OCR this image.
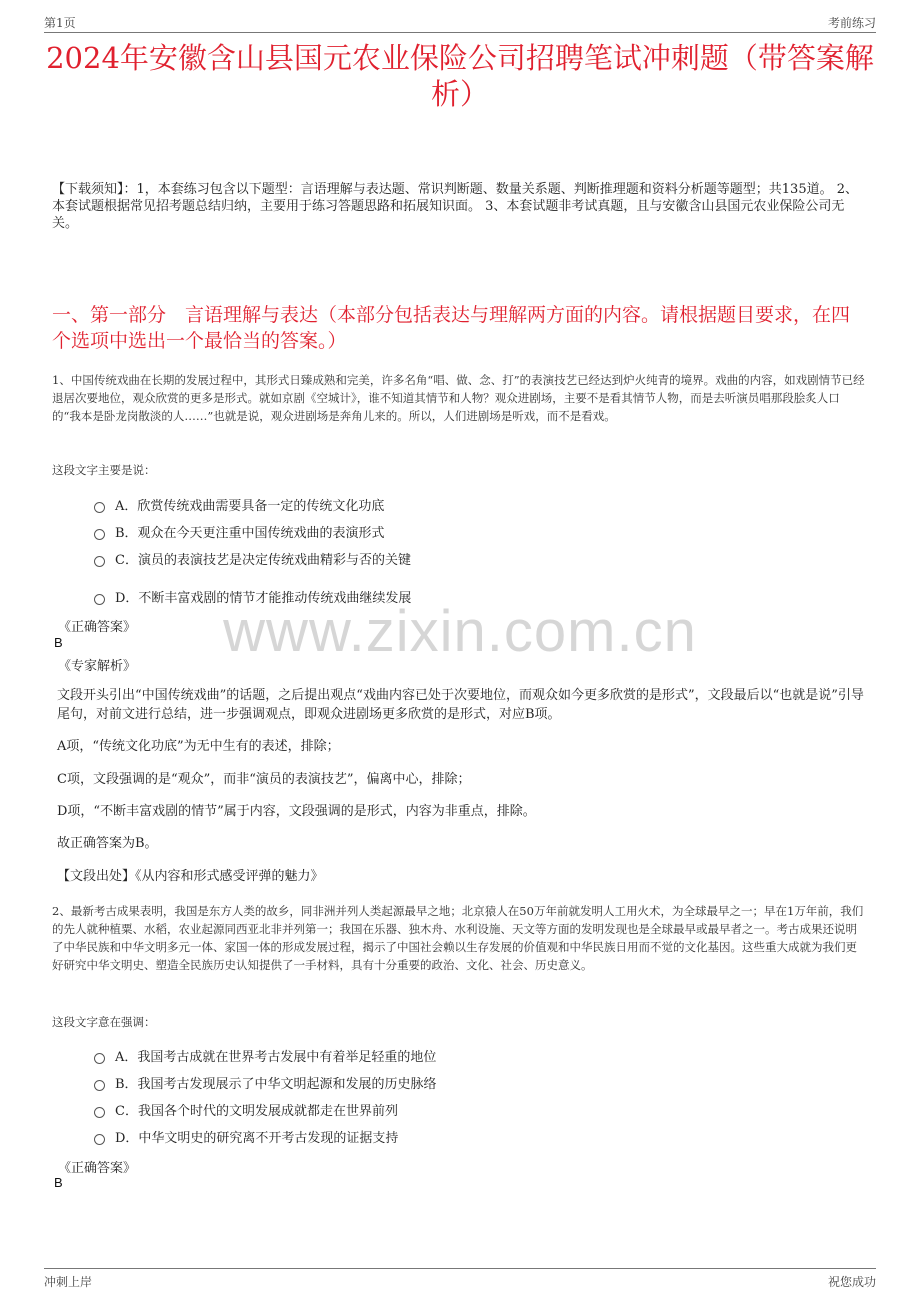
第1页	考前练习
2024年安徽含山县国元农业保险公司招聘笔试冲刺题（带答案解析）
【下载须知】：1，本套练习包含以下题型：言语理解与表达题、常识判断题、数量关系题、判断推理题和资料分析题等题型；共135道。 2、本套试题根据常见招考题总结归纳，主要用于练习答题思路和拓展知识面。 3、本套试题非考试真题，且与安徽含山县国元农业保险公司无关。
一、第一部分　言语理解与表达（本部分包括表达与理解两方面的内容。请根据题目要求，在四个选项中选出一个最恰当的答案。）
1、中国传统戏曲在长期的发展过程中，其形式日臻成熟和完美，许多名角“唱、做、念、打”的表演技艺已经达到炉火纯青的境界。戏曲的内容，如戏剧情节已经退居次要地位，观众欣赏的更多是形式。就如京剧《空城计》，谁不知道其情节和人物？观众进剧场，主要不是看其情节人物，而是去听演员唱那段脍炙人口的“我本是卧龙岗散淡的人……”也就是说，观众进剧场是奔角儿来的。所以，人们进剧场是听戏，而不是看戏。
这段文字主要是说：
A．欣赏传统戏曲需要具备一定的传统文化功底
B．观众在今天更注重中国传统戏曲的表演形式
C．演员的表演技艺是决定传统戏曲精彩与否的关键
D．不断丰富戏剧的情节才能推动传统戏曲继续发展
《正确答案》
B
《专家解析》
文段开头引出“中国传统戏曲”的话题，之后提出观点“戏曲内容已处于次要地位，而观众如今更多欣赏的是形式”，文段最后以“也就是说”引导尾句，对前文进行总结，进一步强调观点，即观众进剧场更多欣赏的是形式，对应B项。
A项，“传统文化功底”为无中生有的表述，排除；
C项，文段强调的是“观众”，而非“演员的表演技艺”，偏离中心，排除；
D项，“不断丰富戏剧的情节”属于内容，文段强调的是形式，内容为非重点，排除。
故正确答案为B。
【文段出处】《从内容和形式感受评弹的魅力》
2、最新考古成果表明，我国是东方人类的故乡，同非洲并列人类起源最早之地；北京猿人在50万年前就发明人工用火术，为全球最早之一；早在1万年前，我们的先人就种植粟、水稻，农业起源同西亚北非并列第一；我国在乐器、独木舟、水利设施、天文等方面的发明发现也是全球最早或最早者之一。考古成果还说明了中华民族和中华文明多元一体、家国一体的形成发展过程，揭示了中国社会赖以生存发展的价值观和中华民族日用而不觉的文化基因。这些重大成就为我们更好研究中华文明史、塑造全民族历史认知提供了一手材料，具有十分重要的政治、文化、社会、历史意义。
这段文字意在强调：
A．我国考古成就在世界考古发展中有着举足轻重的地位
B．我国考古发现展示了中华文明起源和发展的历史脉络
C．我国各个时代的文明发展成就都走在世界前列
D．中华文明史的研究离不开考古发现的证据支持
《正确答案》
B
www.zixin.com.cn
冲刺上岸	祝您成功
